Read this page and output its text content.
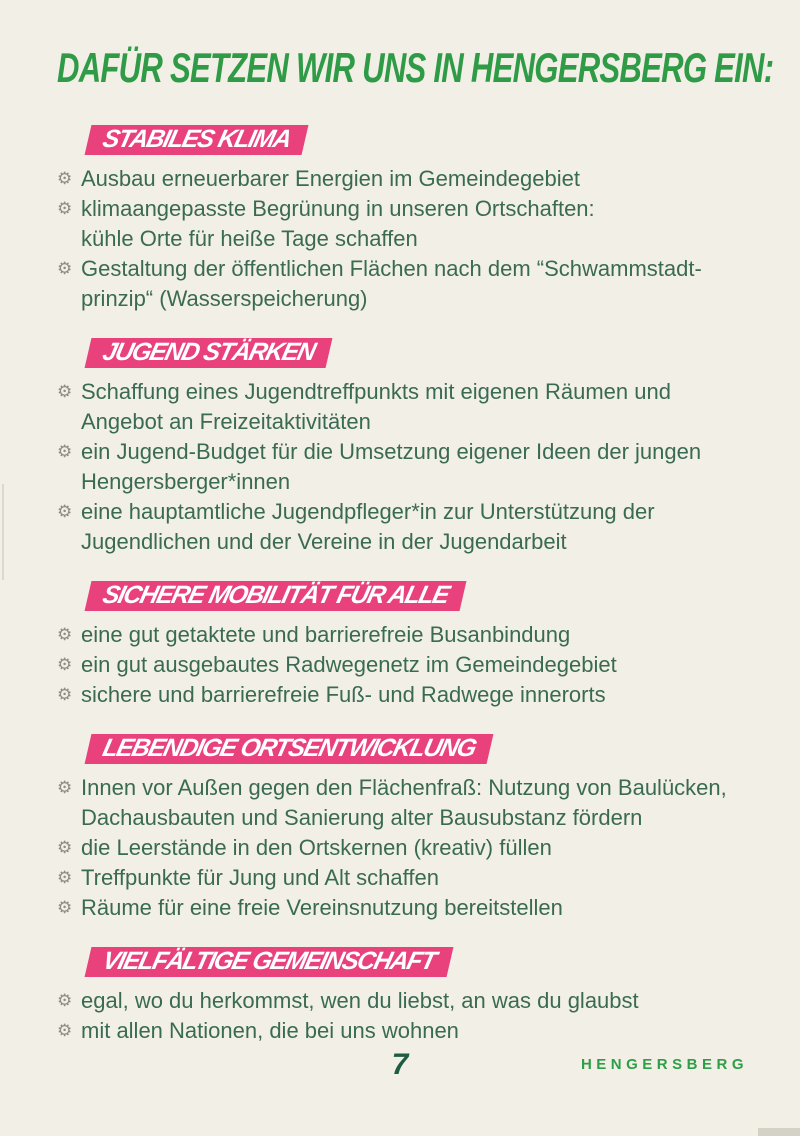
DAFÜR SETZEN WIR UNS IN HENGERSBERG EIN:
STABILES KLIMA
⚙ Ausbau erneuerbarer Energien im Gemeindegebiet
⚙ klimaangepasste Begrünung in unseren Ortschaften:
kühle Orte für heiße Tage schaffen
⚙ Gestaltung der öffentlichen Flächen nach dem “Schwammstadt-
prinzip“ (Wasserspeicherung)
JUGEND STÄRKEN
⚙ Schaffung eines Jugendtreffpunkts mit eigenen Räumen und
Angebot an Freizeitaktivitäten
⚙ ein Jugend-Budget für die Umsetzung eigener Ideen der jungen
Hengersberger*innen
⚙ eine hauptamtliche Jugendpfleger*in zur Unterstützung der
Jugendlichen und der Vereine in der Jugendarbeit
SICHERE MOBILITÄT FÜR ALLE
⚙ eine gut getaktete und barrierefreie Busanbindung
⚙ ein gut ausgebautes Radwegenetz im Gemeindegebiet
⚙ sichere und barrierefreie Fuß- und Radwege innerorts
LEBENDIGE ORTSENTWICKLUNG
⚙ Innen vor Außen gegen den Flächenfraß: Nutzung von Baulücken,
Dachausbauten und Sanierung alter Bausubstanz fördern
⚙ die Leerstände in den Ortskernen (kreativ) füllen
⚙ Treffpunkte für Jung und Alt schaffen
⚙ Räume für eine freie Vereinsnutzung bereitstellen
VIELFÄLTIGE GEMEINSCHAFT
⚙ egal, wo du herkommst, wen du liebst, an was du glaubst
⚙ mit allen Nationen, die bei uns wohnen
7	HENGERSBERG
